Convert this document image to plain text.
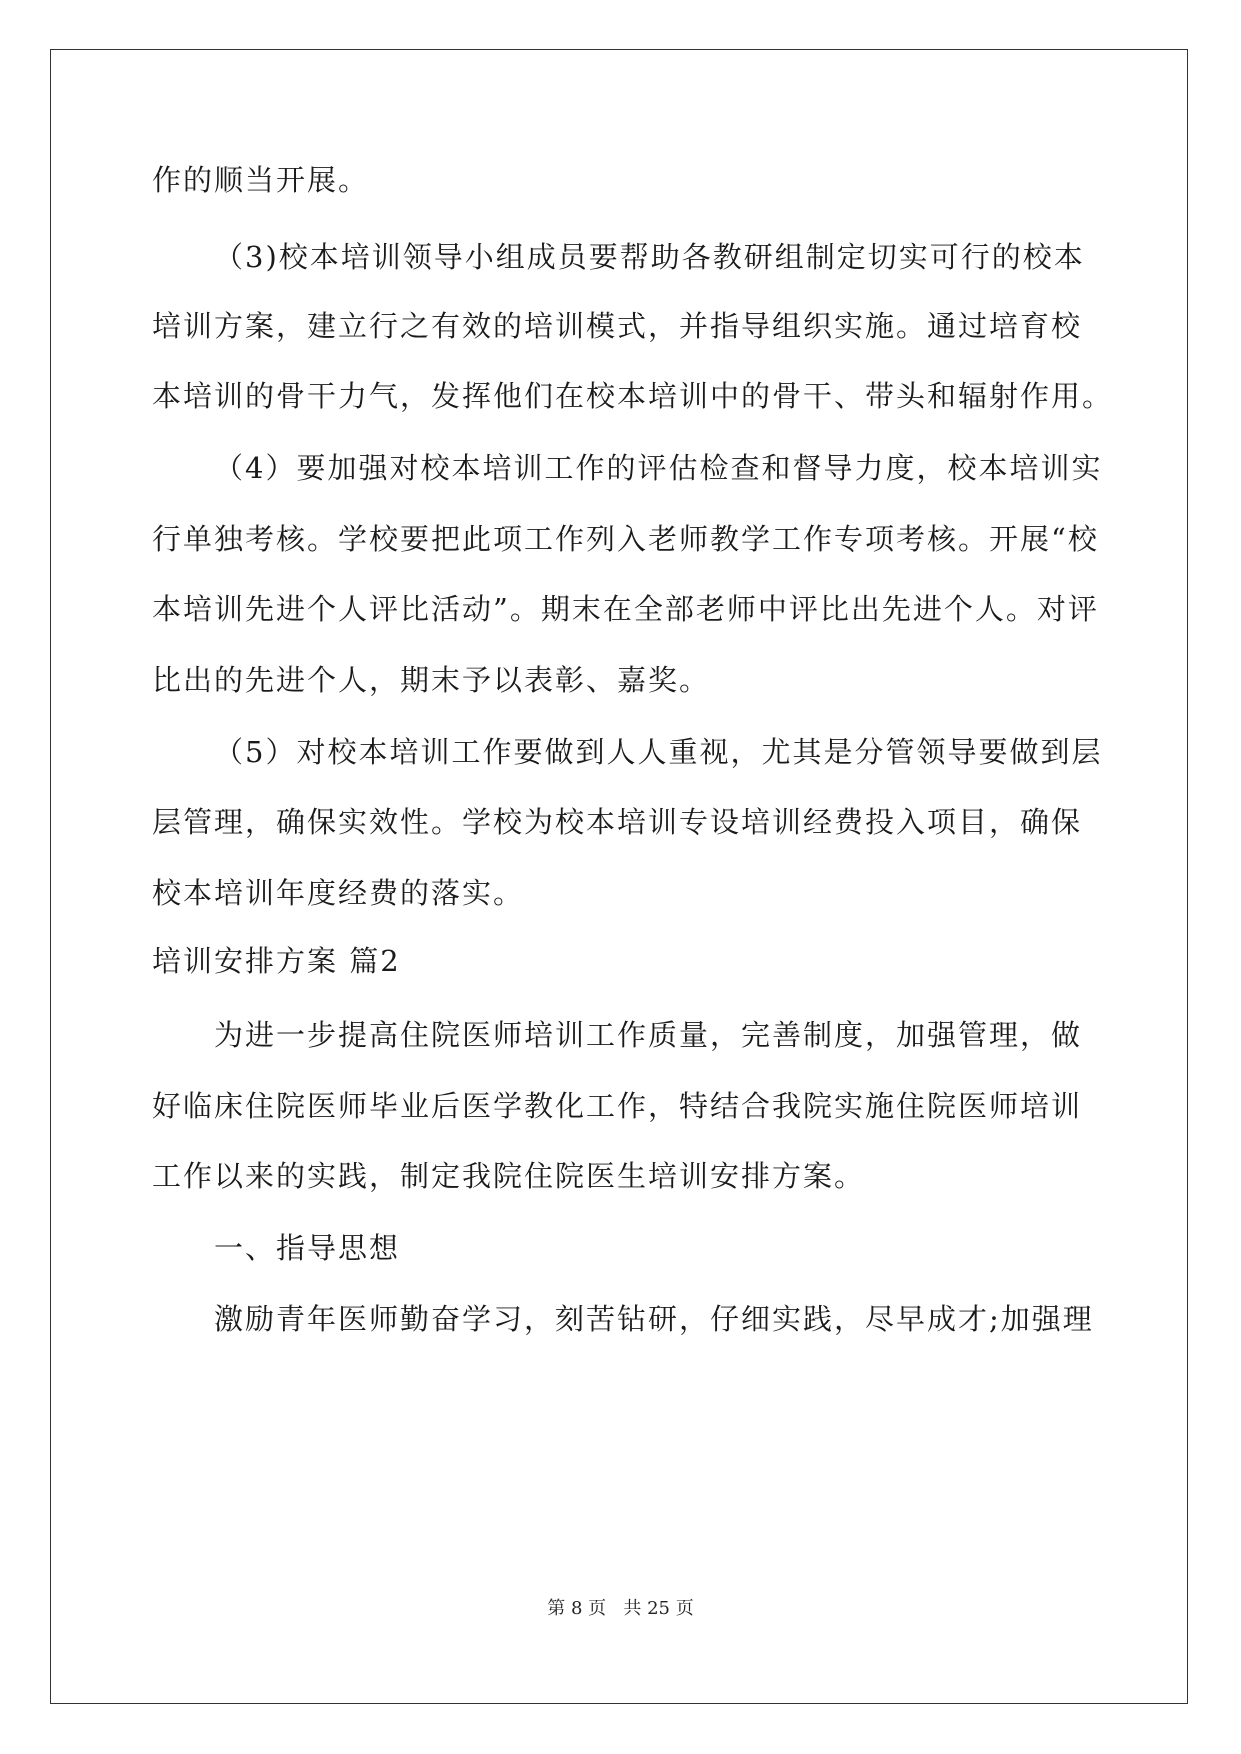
作的顺当开展。
（3)校本培训领导小组成员要帮助各教研组制定切实可行的校本
培训方案，建立行之有效的培训模式，并指导组织实施。通过培育校
本培训的骨干力气，发挥他们在校本培训中的骨干、带头和辐射作用。
（4）要加强对校本培训工作的评估检查和督导力度，校本培训实
行单独考核。学校要把此项工作列入老师教学工作专项考核。开展“校
本培训先进个人评比活动”。期末在全部老师中评比出先进个人。对评
比出的先进个人，期末予以表彰、嘉奖。
（5）对校本培训工作要做到人人重视，尤其是分管领导要做到层
层管理，确保实效性。学校为校本培训专设培训经费投入项目，确保
校本培训年度经费的落实。
培训安排方案 篇2
为进一步提高住院医师培训工作质量，完善制度，加强管理，做
好临床住院医师毕业后医学教化工作，特结合我院实施住院医师培训
工作以来的实践，制定我院住院医生培训安排方案。
一、指导思想
激励青年医师勤奋学习，刻苦钻研，仔细实践，尽早成才;加强理
第 8 页 共 25 页
